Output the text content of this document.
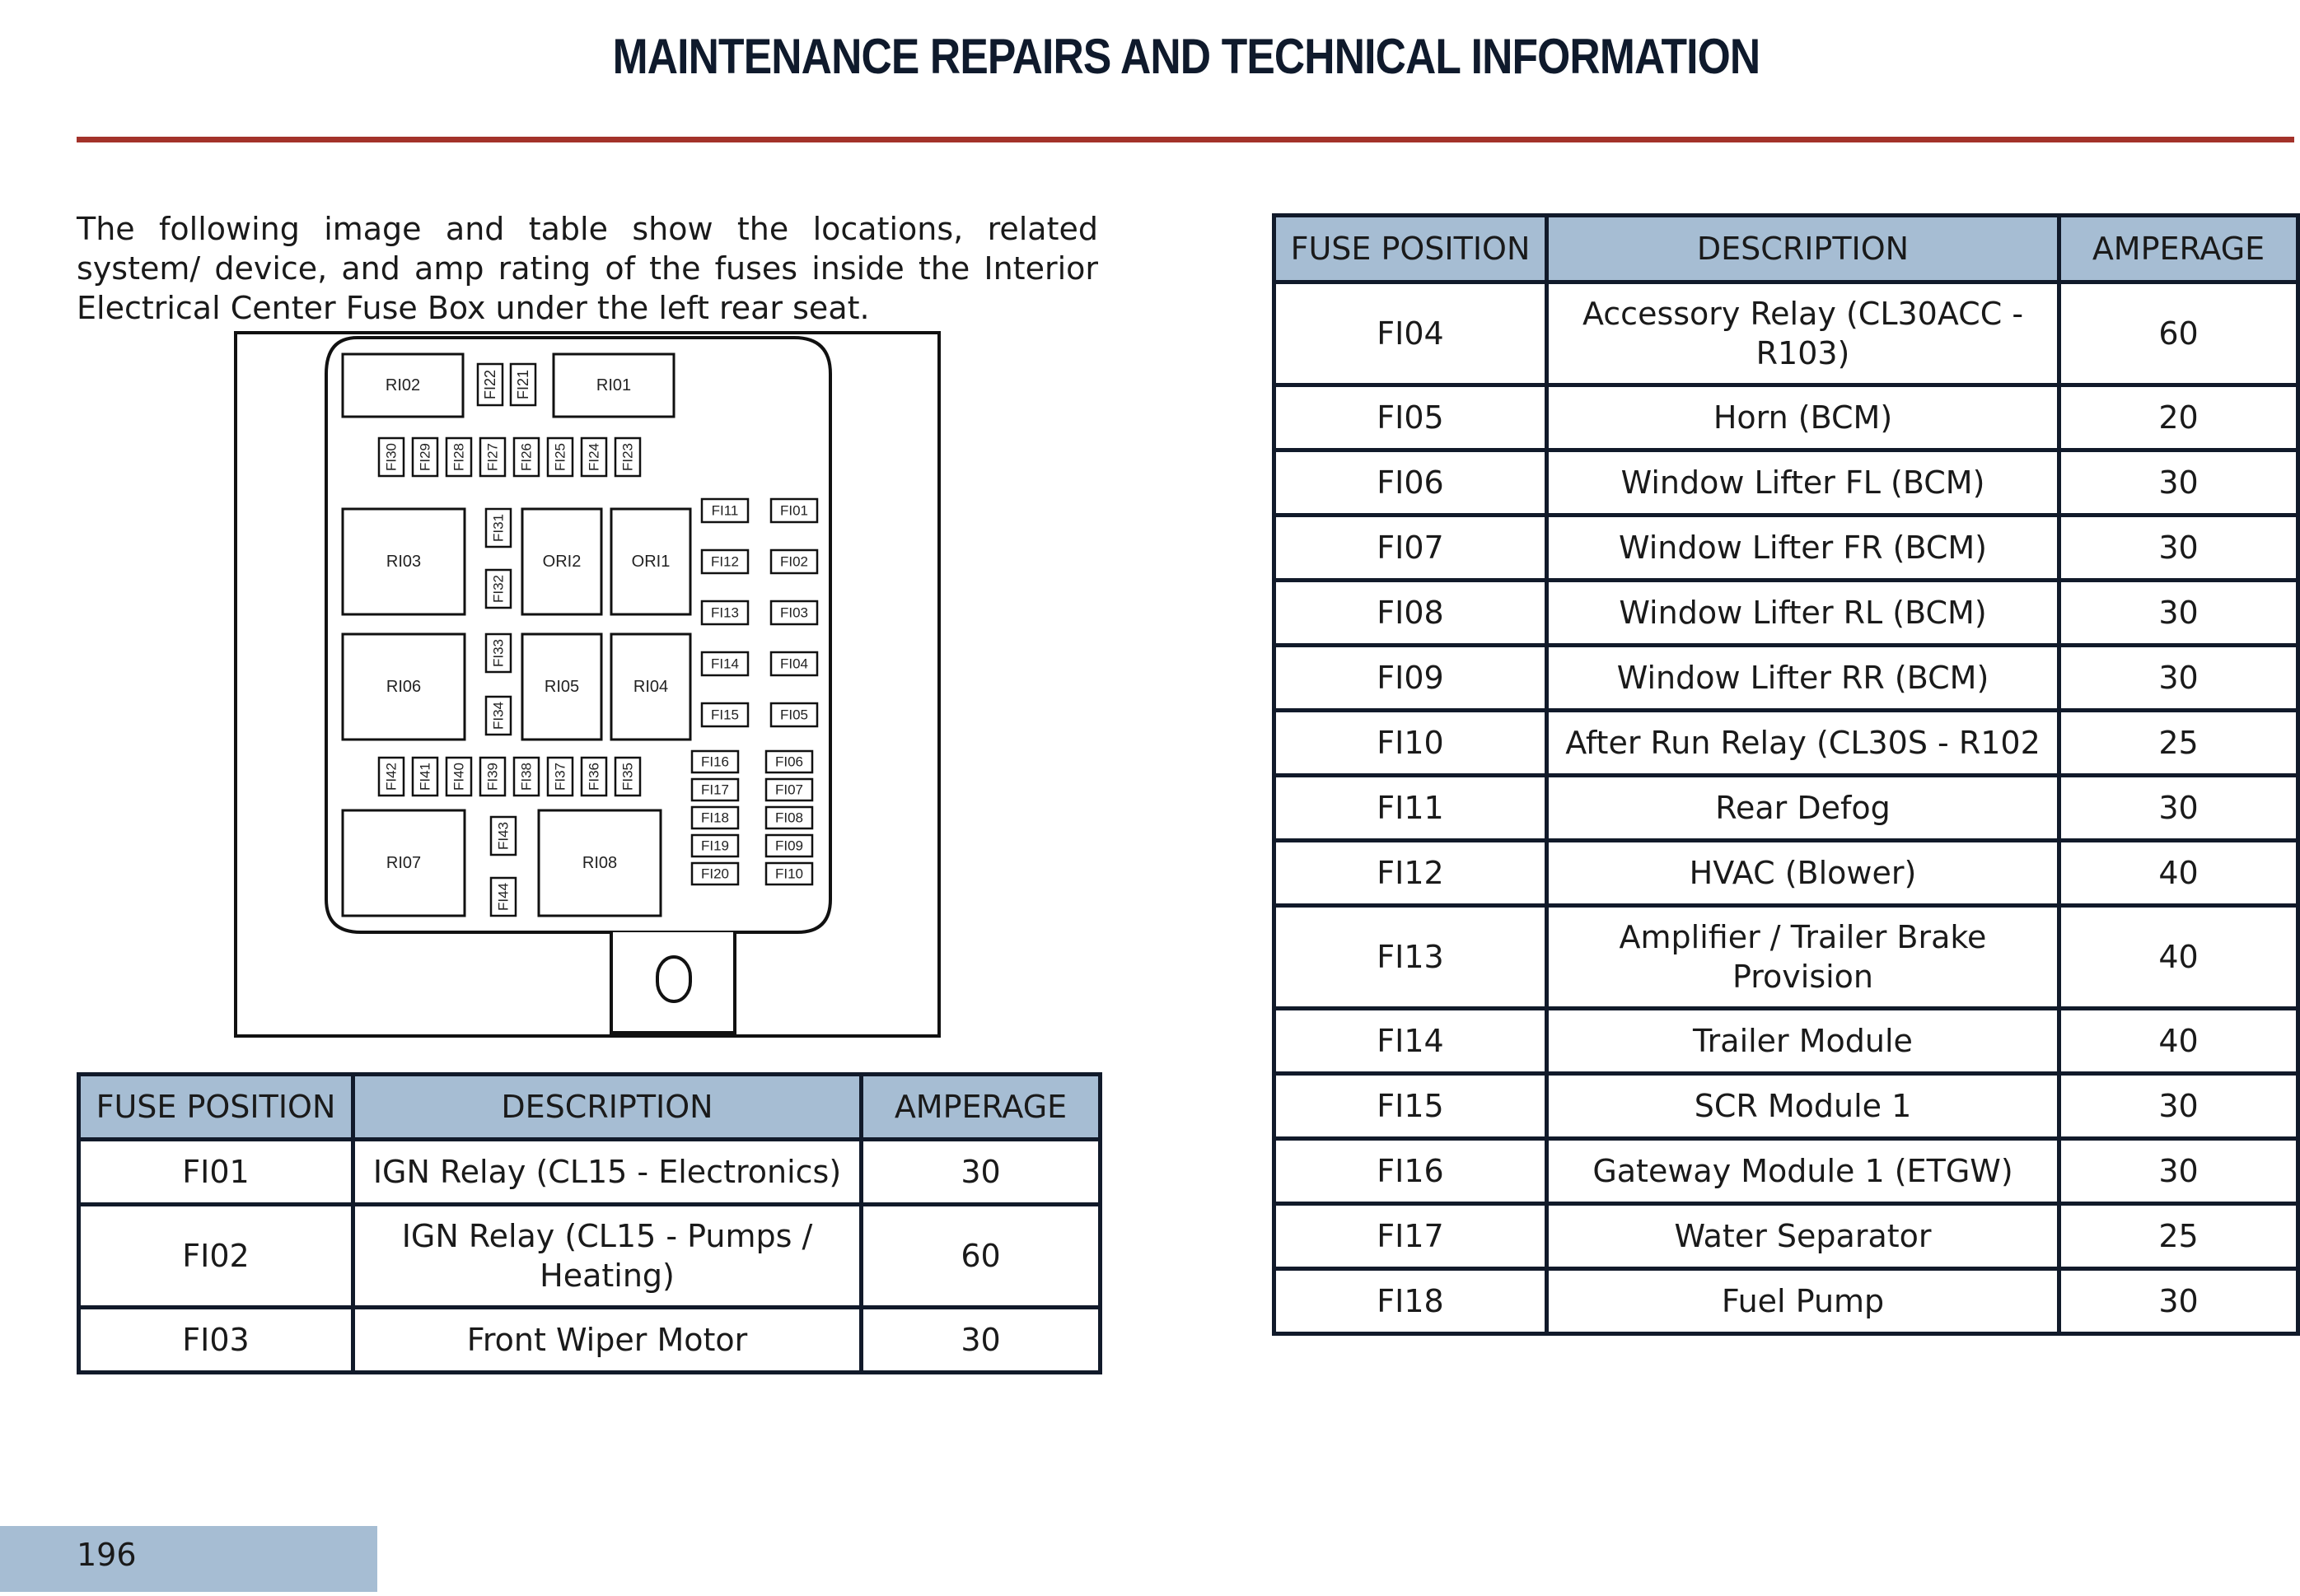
MAINTENANCE REPAIRS AND TECHNICAL INFORMATION

The following image and table show the locations, related system/ device, and amp rating of the fuses inside the Interior Electrical Center Fuse Box under the left rear seat.

RI02	RI01
RI03	ORI2	ORI1
RI06	RI05	RI04
RI07	RI08
FI22 FI21
FI30 FI29 FI28 FI27 FI26 FI25 FI24 FI23
FI31
FI32
FI33
FI34
FI11
FI12
FI13
FI14
FI15
FI01
FI02
FI03
FI04
FI05
FI42 FI41 FI40 FI39 FI38 FI37 FI36 FI35
FI16
FI17
FI18
FI19
FI20
FI06
FI07
FI08
FI09
FI10
FI43
FI44
FUSE POSITION	DESCRIPTION	AMPERAGE
FI01	IGN Relay (CL15 - Electronics)	30
FI02	IGN Relay (CL15 - Pumps / Heating)	60
FI03	Front Wiper Motor	30
FUSE POSITION	DESCRIPTION	AMPERAGE
FI04	Accessory Relay (CL30ACC - R103)	60
FI05	Horn (BCM)	20
FI06	Window Lifter FL (BCM)	30
FI07	Window Lifter FR (BCM)	30
FI08	Window Lifter RL (BCM)	30
FI09	Window Lifter RR (BCM)	30
FI10	After Run Relay (CL30S - R102	25
FI11	Rear Defog	30
FI12	HVAC (Blower)	40
FI13	Amplifier / Trailer Brake Provision	40
FI14	Trailer Module	40
FI15	SCR Module 1	30
FI16	Gateway Module 1 (ETGW)	30
FI17	Water Separator	25
FI18	Fuel Pump	30
196
